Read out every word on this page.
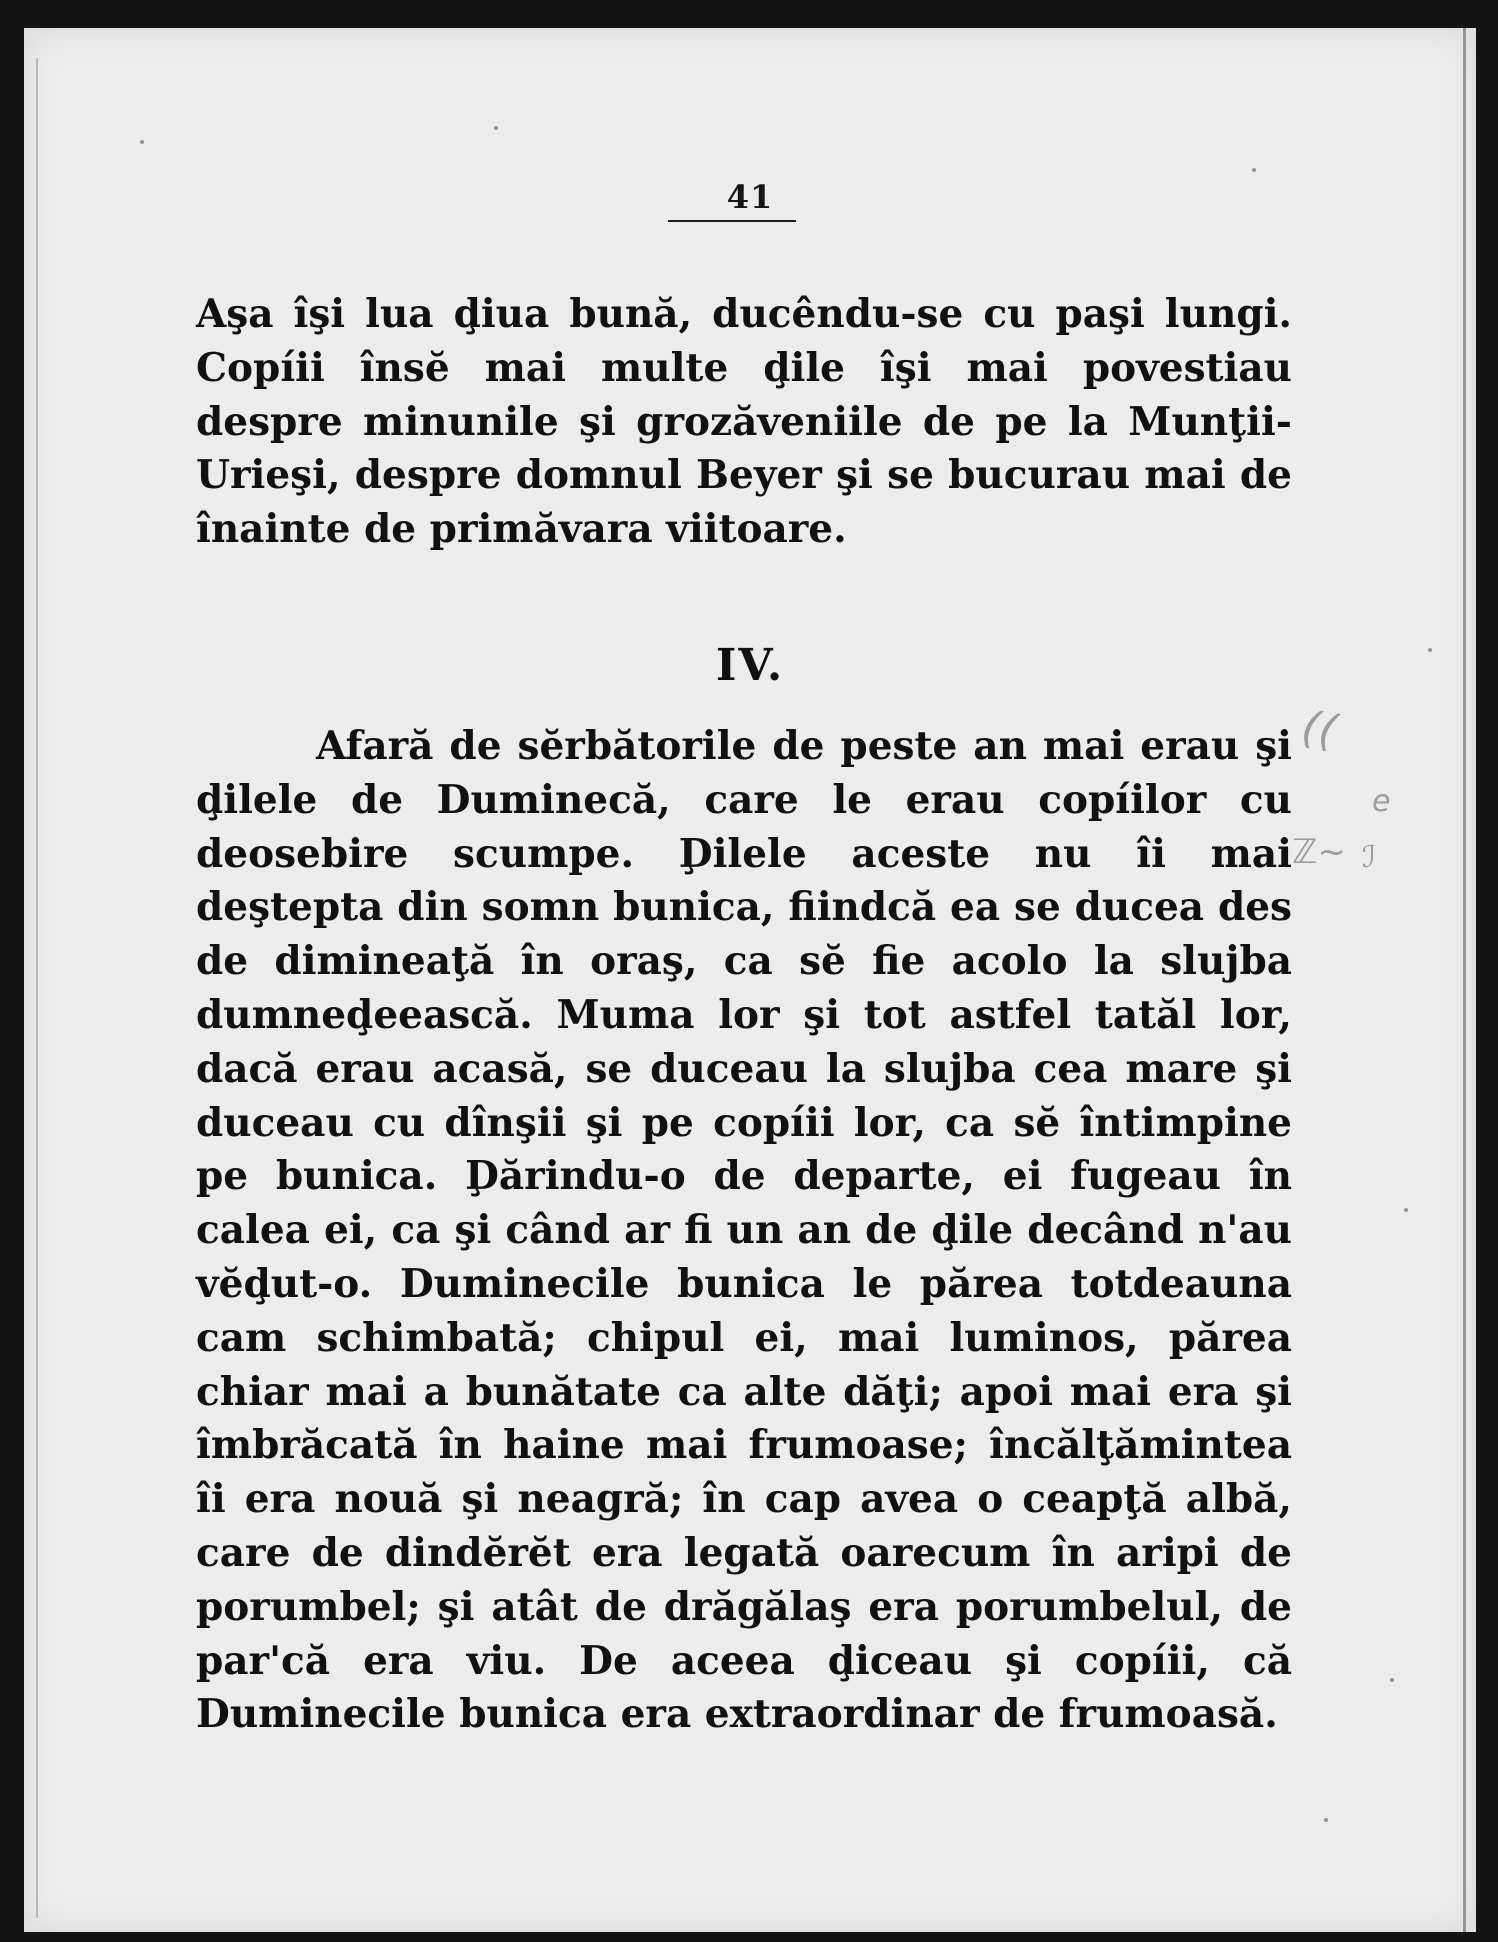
41

Aşa îşi lua ḑiua bună, ducêndu-se cu paşi lungi. Copíii însĕ mai multe ḑile îşi mai povestiau despre minunile şi grozăveniile de pe la Munţii-Urieşi, despre domnul Beyer şi se bucurau mai de înainte de primăvara viitoare.

IV.

Afară de sĕrbătorile de peste an mai erau şi ḑilele de Duminecă, care le erau copíilor cu deosebire scumpe. Ḑilele aceste nu îi mai deştepta din somn bunica, fiindcă ea se ducea des de dimineaţă în oraş, ca sĕ fie acolo la slujba dumneḑeească. Muma lor şi tot astfel tatăl lor, dacă erau acasă, se duceau la slujba cea mare şi duceau cu dînşii şi pe copíii lor, ca sĕ întimpine pe bunica. Ḑărindu-o de departe, ei fugeau în calea ei, ca şi când ar fi un an de ḑile decând n'au vĕḑut-o. Duminecile bunica le părea totdeauna cam schimbată; chipul ei, mai luminos, părea chiar mai a bunătate ca alte dăţi; apoi mai era şi îmbrăcată în haine mai frumoase; încălţămintea îi era nouă şi neagră; în cap avea o ceapţă albă, care de dindĕrĕt era legată oarecum în aripi de porumbel; şi atât de drăgălaş era porumbelul, de par'că era viu. De aceea ḑiceau şi copíii, că Duminecile bunica era extraordinar de frumoasă.

((
e
ℤ~ ℐ
